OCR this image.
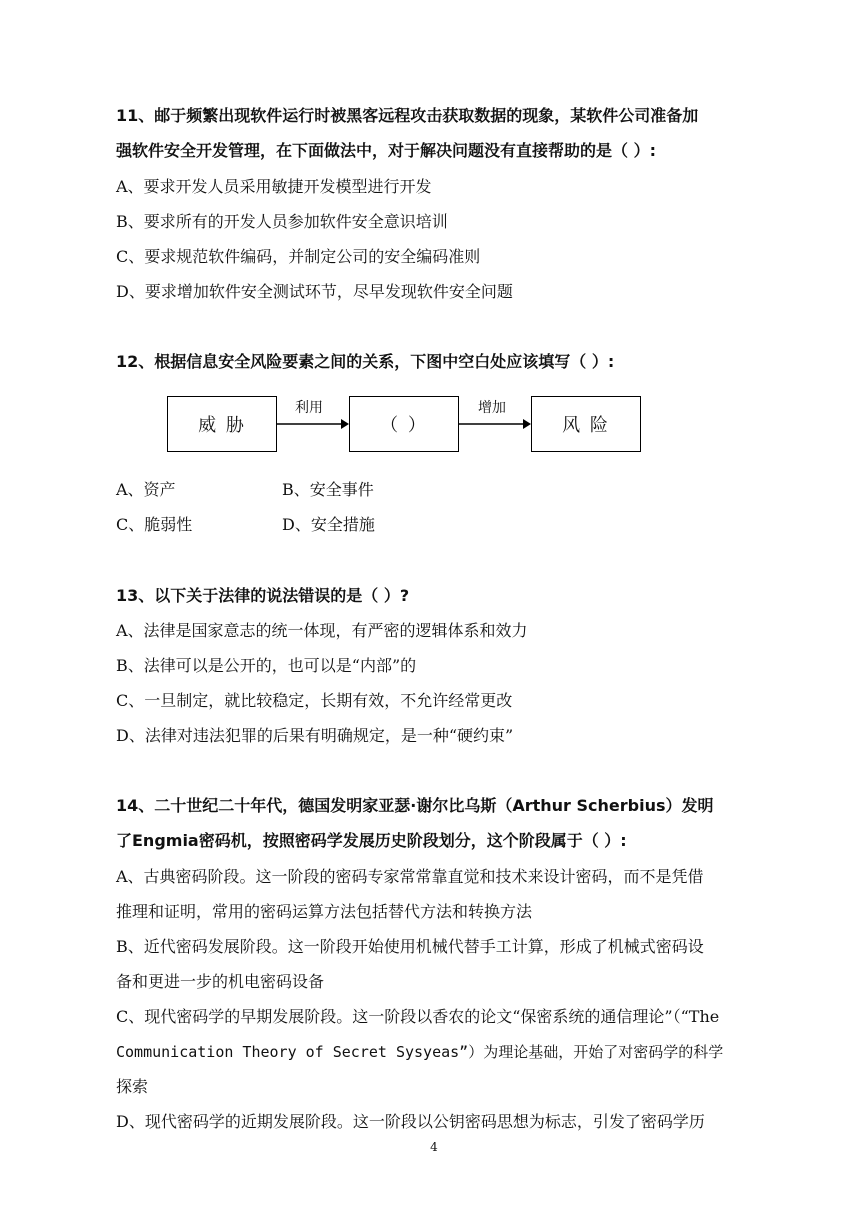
11、邮于频繁出现软件运行时被黑客远程攻击获取数据的现象，某软件公司准备加
强软件安全开发管理，在下面做法中，对于解决问题没有直接帮助的是（ ）:
A、要求开发人员采用敏捷开发模型进行开发
B、要求所有的开发人员参加软件安全意识培训
C、要求规范软件编码，并制定公司的安全编码准则
D、要求增加软件安全测试环节，尽早发现软件安全问题
12、根据信息安全风险要素之间的关系，下图中空白处应该填写（ ）:
威 胁
利用
（ ）
增加
风 险
A、资产	B、安全事件
C、脆弱性	D、安全措施
13、以下关于法律的说法错误的是（ ）?
A、法律是国家意志的统一体现，有严密的逻辑体系和效力
B、法律可以是公开的，也可以是“内部”的
C、一旦制定，就比较稳定，长期有效，不允许经常更改
D、法律对违法犯罪的后果有明确规定，是一种“硬约束”
14、二十世纪二十年代，德国发明家亚瑟·谢尔比乌斯（Arthur Scherbius）发明
了Engmia密码机，按照密码学发展历史阶段划分，这个阶段属于（ ）:
A、古典密码阶段。这一阶段的密码专家常常靠直觉和技术来设计密码，而不是凭借
推理和证明，常用的密码运算方法包括替代方法和转换方法
B、近代密码发展阶段。这一阶段开始使用机械代替手工计算，形成了机械式密码设
备和更进一步的机电密码设备
C、现代密码学的早期发展阶段。这一阶段以香农的论文“保密系统的通信理论”（“The
Communication Theory of Secret Sysyeas”）为理论基础，开始了对密码学的科学
探索
D、现代密码学的近期发展阶段。这一阶段以公钥密码思想为标志，引发了密码学历
4
